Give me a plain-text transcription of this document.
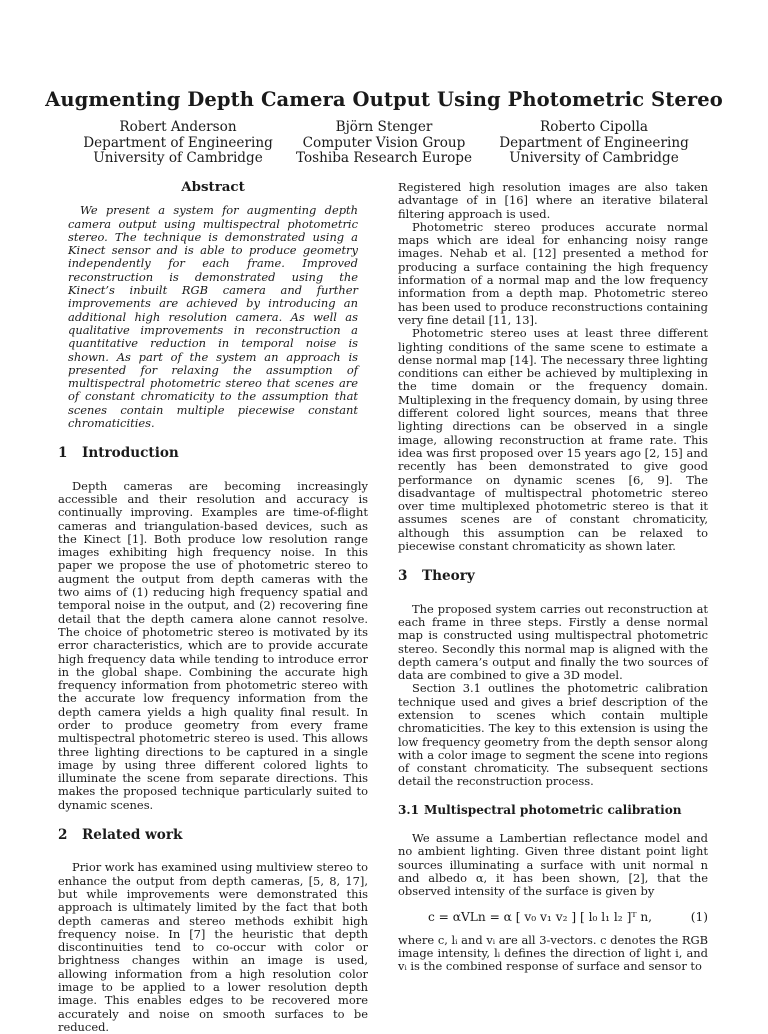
Augmenting Depth Camera Output Using Photometric Stereo
Robert Anderson
Department of Engineering
University of Cambridge
Björn Stenger
Computer Vision Group
Toshiba Research Europe
Roberto Cipolla
Department of Engineering
University of Cambridge
Abstract

We present a system for augmenting depth camera output using multispectral photometric stereo. The technique is demonstrated using a Kinect sensor and is able to produce geometry independently for each frame. Improved reconstruction is demonstrated using the Kinect’s inbuilt RGB camera and further improvements are achieved by introducing an additional high resolution camera. As well as qualitative improvements in reconstruction a quantitative reduction in temporal noise is shown. As part of the system an approach is presented for relaxing the assumption of multispectral photometric stereo that scenes are of constant chromaticity to the assumption that scenes contain multiple piecewise constant chromaticities.

1 Introduction

Depth cameras are becoming increasingly accessible and their resolution and accuracy is continually improving. Examples are time-of-flight cameras and triangulation-based devices, such as the Kinect [1]. Both produce low resolution range images exhibiting high frequency noise. In this paper we propose the use of photometric stereo to augment the output from depth cameras with the two aims of (1) reducing high frequency spatial and temporal noise in the output, and (2) recovering fine detail that the depth camera alone cannot resolve. The choice of photometric stereo is motivated by its error characteristics, which are to provide accurate high frequency data while tending to introduce error in the global shape. Combining the accurate high frequency information from photometric stereo with the accurate low frequency information from the depth camera yields a high quality final result. In order to produce geometry from every frame multispectral photometric stereo is used. This allows three lighting directions to be captured in a single image by using three different colored lights to illuminate the scene from separate directions. This makes the proposed technique particularly suited to dynamic scenes.

2 Related work

Prior work has examined using multiview stereo to enhance the output from depth cameras, [5, 8, 17], but while improvements were demonstrated this approach is ultimately limited by the fact that both depth cameras and stereo methods exhibit high frequency noise. In [7] the heuristic that depth discontinuities tend to co-occur with color or brightness changes within an image is used, allowing information from a high resolution color image to be applied to a lower resolution depth image. This enables edges to be recovered more accurately and noise on smooth surfaces to be reduced.

Registered high resolution images are also taken advantage of in [16] where an iterative bilateral filtering approach is used.

Photometric stereo produces accurate normal maps which are ideal for enhancing noisy range images. Nehab et al. [12] presented a method for producing a surface containing the high frequency information of a normal map and the low frequency information from a depth map. Photometric stereo has been used to produce reconstructions containing very fine detail [11, 13].

Photometric stereo uses at least three different lighting conditions of the same scene to estimate a dense normal map [14]. The necessary three lighting conditions can either be achieved by multiplexing in the time domain or the frequency domain. Multiplexing in the frequency domain, by using three different colored light sources, means that three lighting directions can be observed in a single image, allowing reconstruction at frame rate. This idea was first proposed over 15 years ago [2, 15] and recently has been demonstrated to give good performance on dynamic scenes [6, 9]. The disadvantage of multispectral photometric stereo over time multiplexed photometric stereo is that it assumes scenes are of constant chromaticity, although this assumption can be relaxed to piecewise constant chromaticity as shown later.

3 Theory

The proposed system carries out reconstruction at each frame in three steps. Firstly a dense normal map is constructed using multispectral photometric stereo. Secondly this normal map is aligned with the depth camera’s output and finally the two sources of data are combined to give a 3D model.

Section 3.1 outlines the photometric calibration technique used and gives a brief description of the extension to scenes which contain multiple chromaticities. The key to this extension is using the low frequency geometry from the depth sensor along with a color image to segment the scene into regions of constant chromaticity. The subsequent sections detail the reconstruction process.

3.1 Multispectral photometric calibration

We assume a Lambertian reflectance model and no ambient lighting. Given three distant point light sources illuminating a surface with unit normal n and albedo α, it has been shown, [2], that the observed intensity of the surface is given by

c = αVLn = α [ v₀ v₁ v₂ ] [ l₀ l₁ l₂ ]ᵀ n,	(1)

where c, lᵢ and vᵢ are all 3-vectors. c denotes the RGB image intensity, lᵢ defines the direction of light i, and vᵢ is the combined response of surface and sensor to
